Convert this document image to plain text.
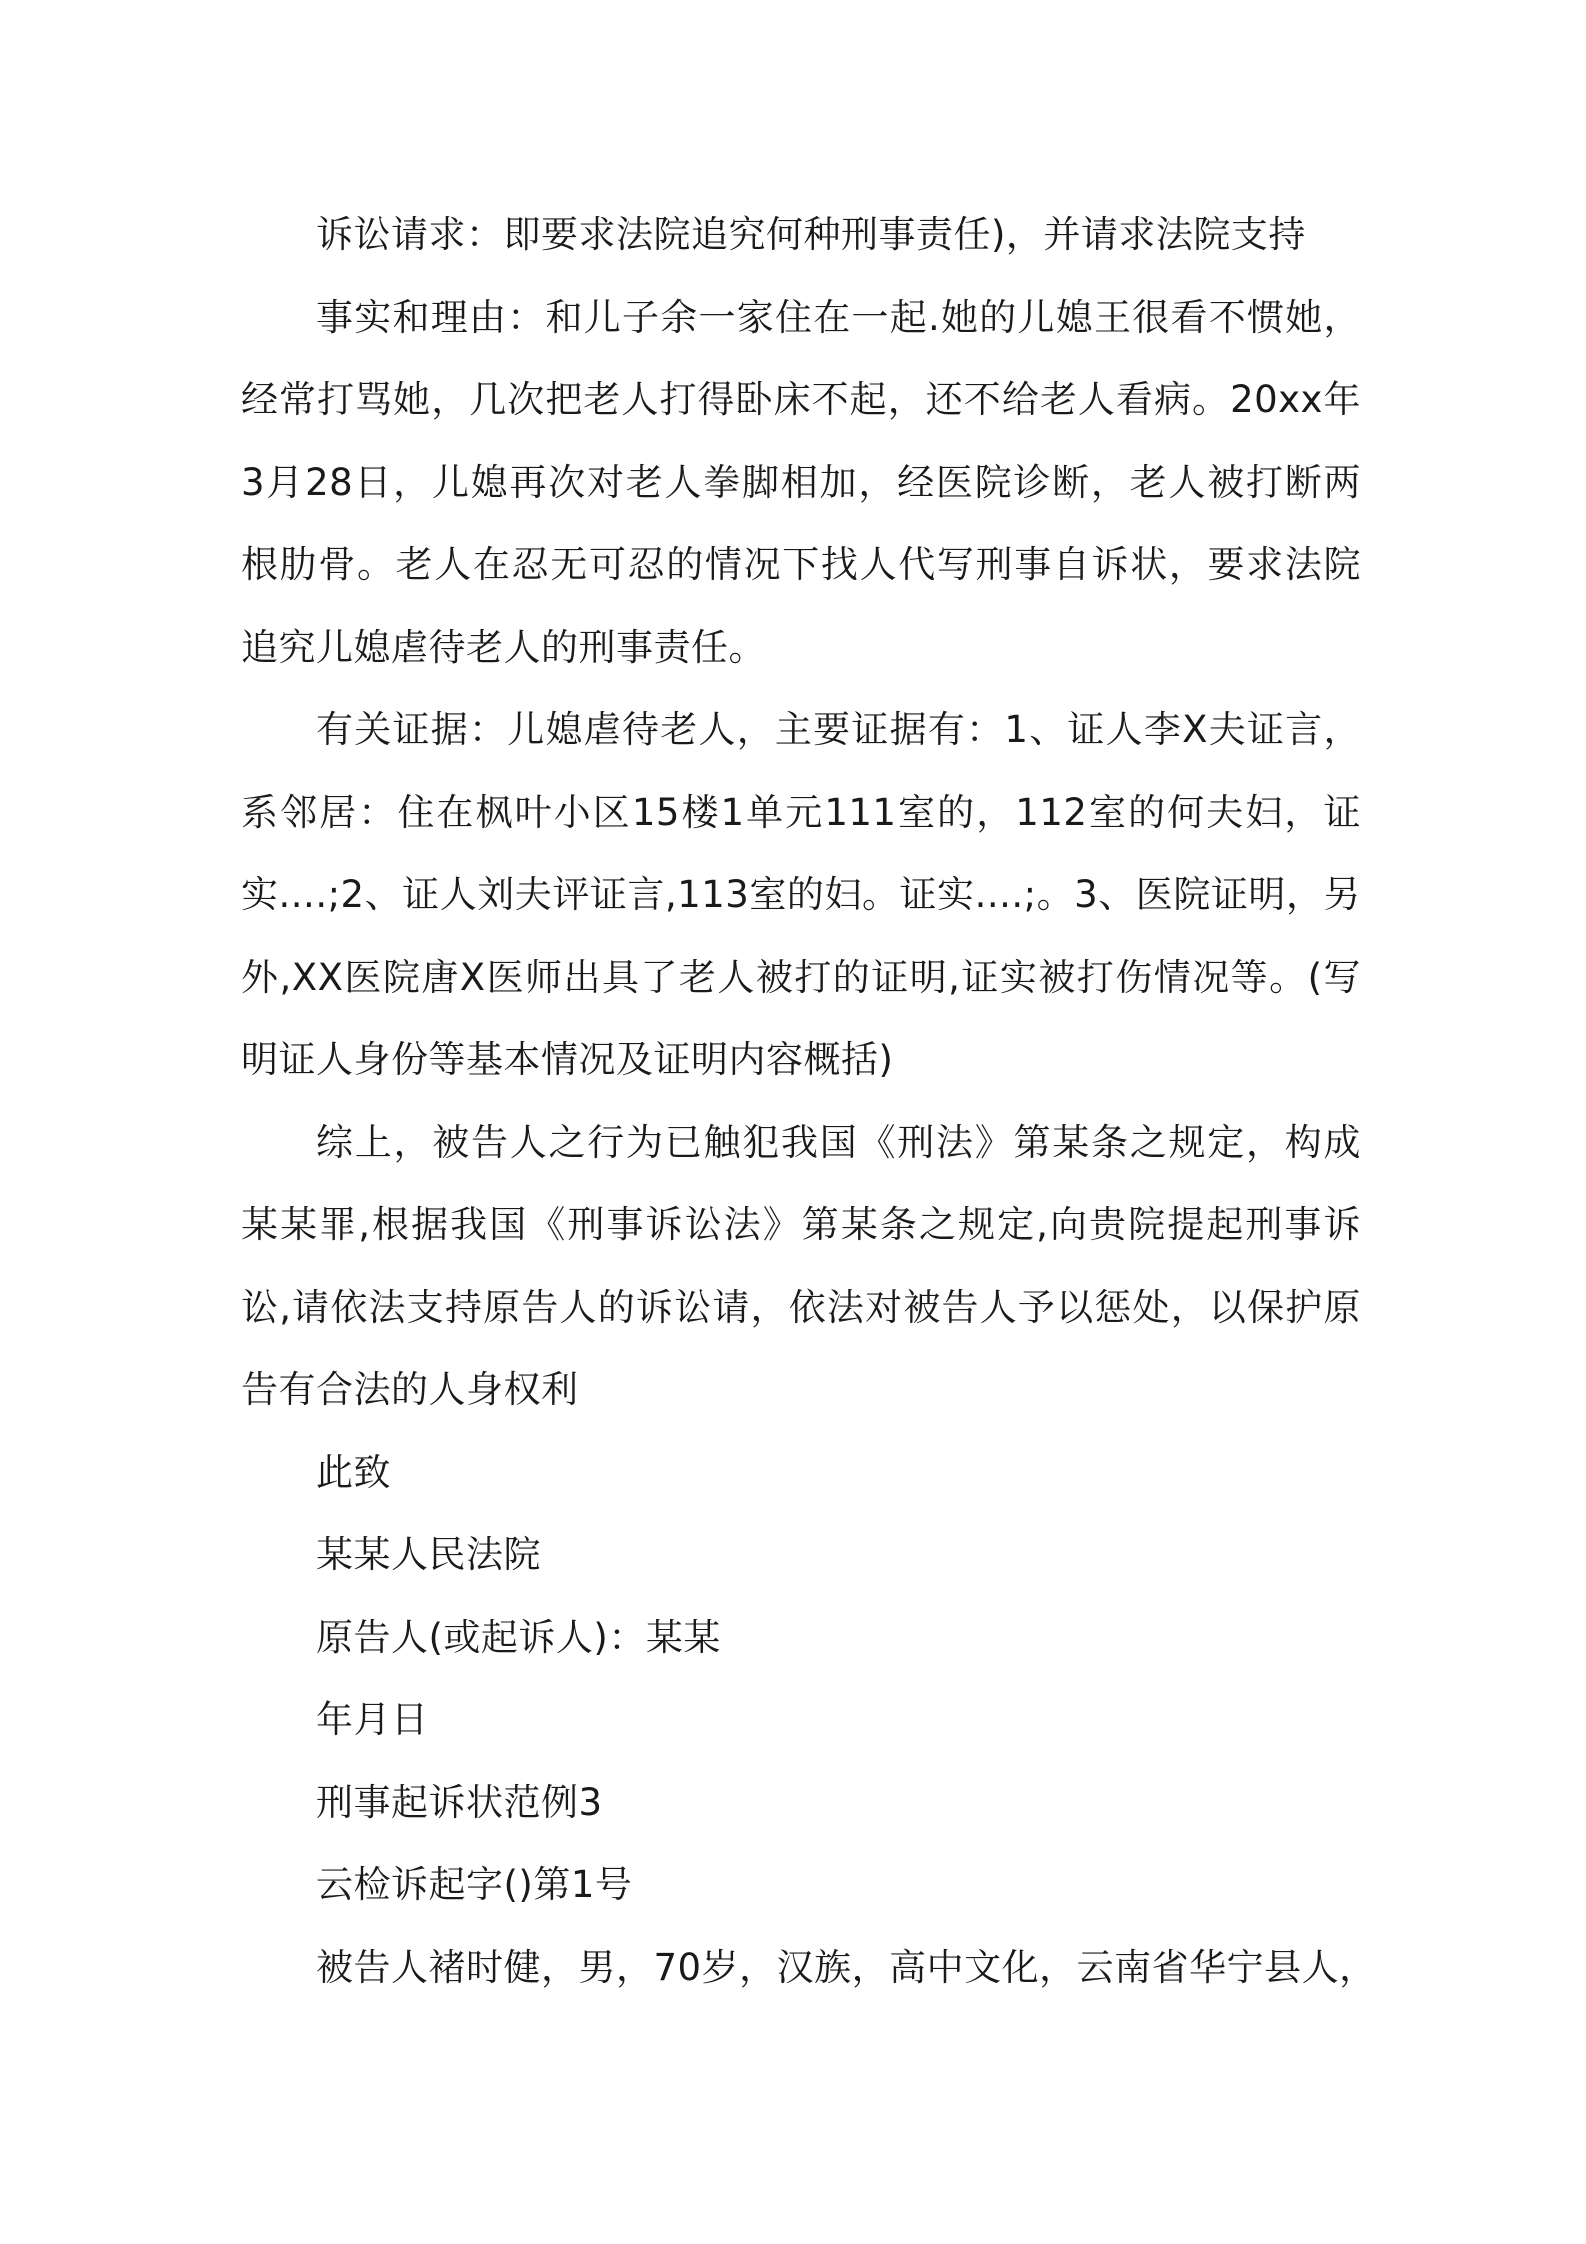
诉讼请求：即要求法院追究何种刑事责任)，并请求法院支持

事实和理由：和儿子余一家住在一起.她的儿媳王很看不惯她，经常打骂她，几次把老人打得卧床不起，还不给老人看病。20xx年3月28日，儿媳再次对老人拳脚相加，经医院诊断，老人被打断两根肋骨。老人在忍无可忍的情况下找人代写刑事自诉状，要求法院追究儿媳虐待老人的刑事责任。

有关证据：儿媳虐待老人，主要证据有：1、证人李X夫证言，系邻居：住在枫叶小区15楼1单元111室的，112室的何夫妇，证实....;2、证人刘夫评证言,113室的妇。证实....;。3、医院证明，另外,XX医院唐X医师出具了老人被打的证明,证实被打伤情况等。(写明证人身份等基本情况及证明内容概括)

综上，被告人之行为已触犯我国《刑法》第某条之规定，构成某某罪,根据我国《刑事诉讼法》第某条之规定,向贵院提起刑事诉讼,请依法支持原告人的诉讼请，依法对被告人予以惩处，以保护原告有合法的人身权利

此致

某某人民法院

原告人(或起诉人)：某某

年月日

刑事起诉状范例3

云检诉起字()第1号

被告人褚时健，男，70岁，汉族，高中文化，云南省华宁县人，
